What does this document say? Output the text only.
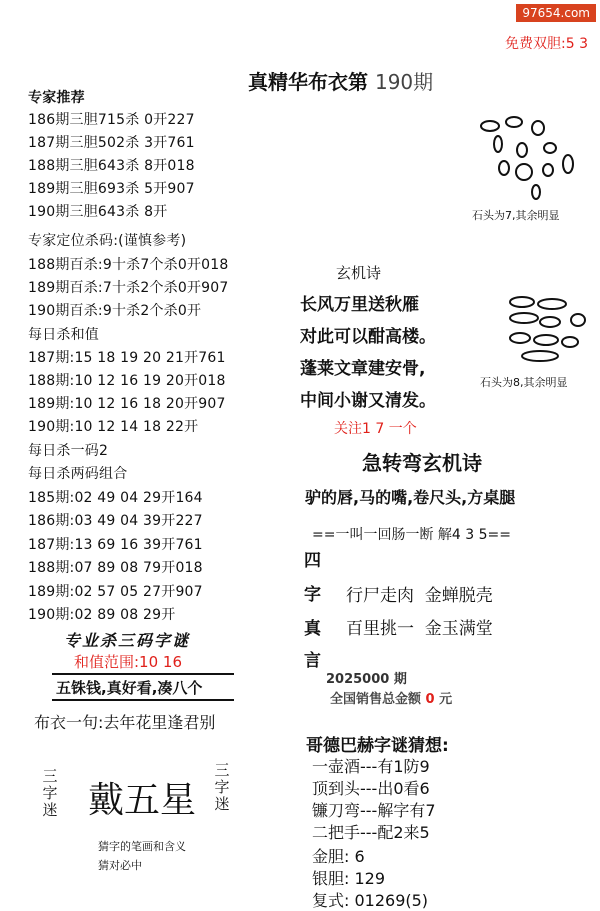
97654.com
免费双胆:5 3
真精华布衣第 190期
专家推荐
186期三胆715杀 0开227
187期三胆502杀 3开761
188期三胆643杀 8开018
189期三胆693杀 5开907
190期三胆643杀 8开
专家定位杀码:(谨慎参考)
188期百杀:9十杀7个杀0开018
189期百杀:7十杀2个杀0开907
190期百杀:9十杀2个杀0开
每日杀和值
187期:15 18 19 20 21开761
188期:10 12 16 19 20开018
189期:10 12 16 18 20开907
190期:10 12 14 18 22开
每日杀一码2
每日杀两码组合
185期:02 49 04 29开164
186期:03 49 04 39开227
187期:13 69 16 39开761
188期:07 89 08 79开018
189期:02 57 05 27开907
190期:02 89 08 29开
专业杀三码字谜
和值范围:10 16
五铢钱,真好看,凑八个
布衣一句:去年花里逢君别
三字迷 戴五星
三字迷
猜字的笔画和含义
猜对必中
石头为7,其余明显
石头为8,其余明显
玄机诗
长风万里送秋雁
对此可以酣高楼。
蓬莱文章建安骨,
中间小谢又清发。
关注1 7 一个
急转弯玄机诗
驴的唇,马的嘴,卷尺头,方桌腿
==一叫一回肠一断 解4 3 5==
四
字
真
言
行尸走肉  金蝉脱壳
百里挑一  金玉满堂
2025000 期
全国销售总金额 0 元
哥德巴赫字谜猜想:
一壶酒---有1防9
顶到头---出0看6
镰刀弯---解字有7
二把手---配2来5
金胆: 6
银胆: 129
复式: 01269(5)
